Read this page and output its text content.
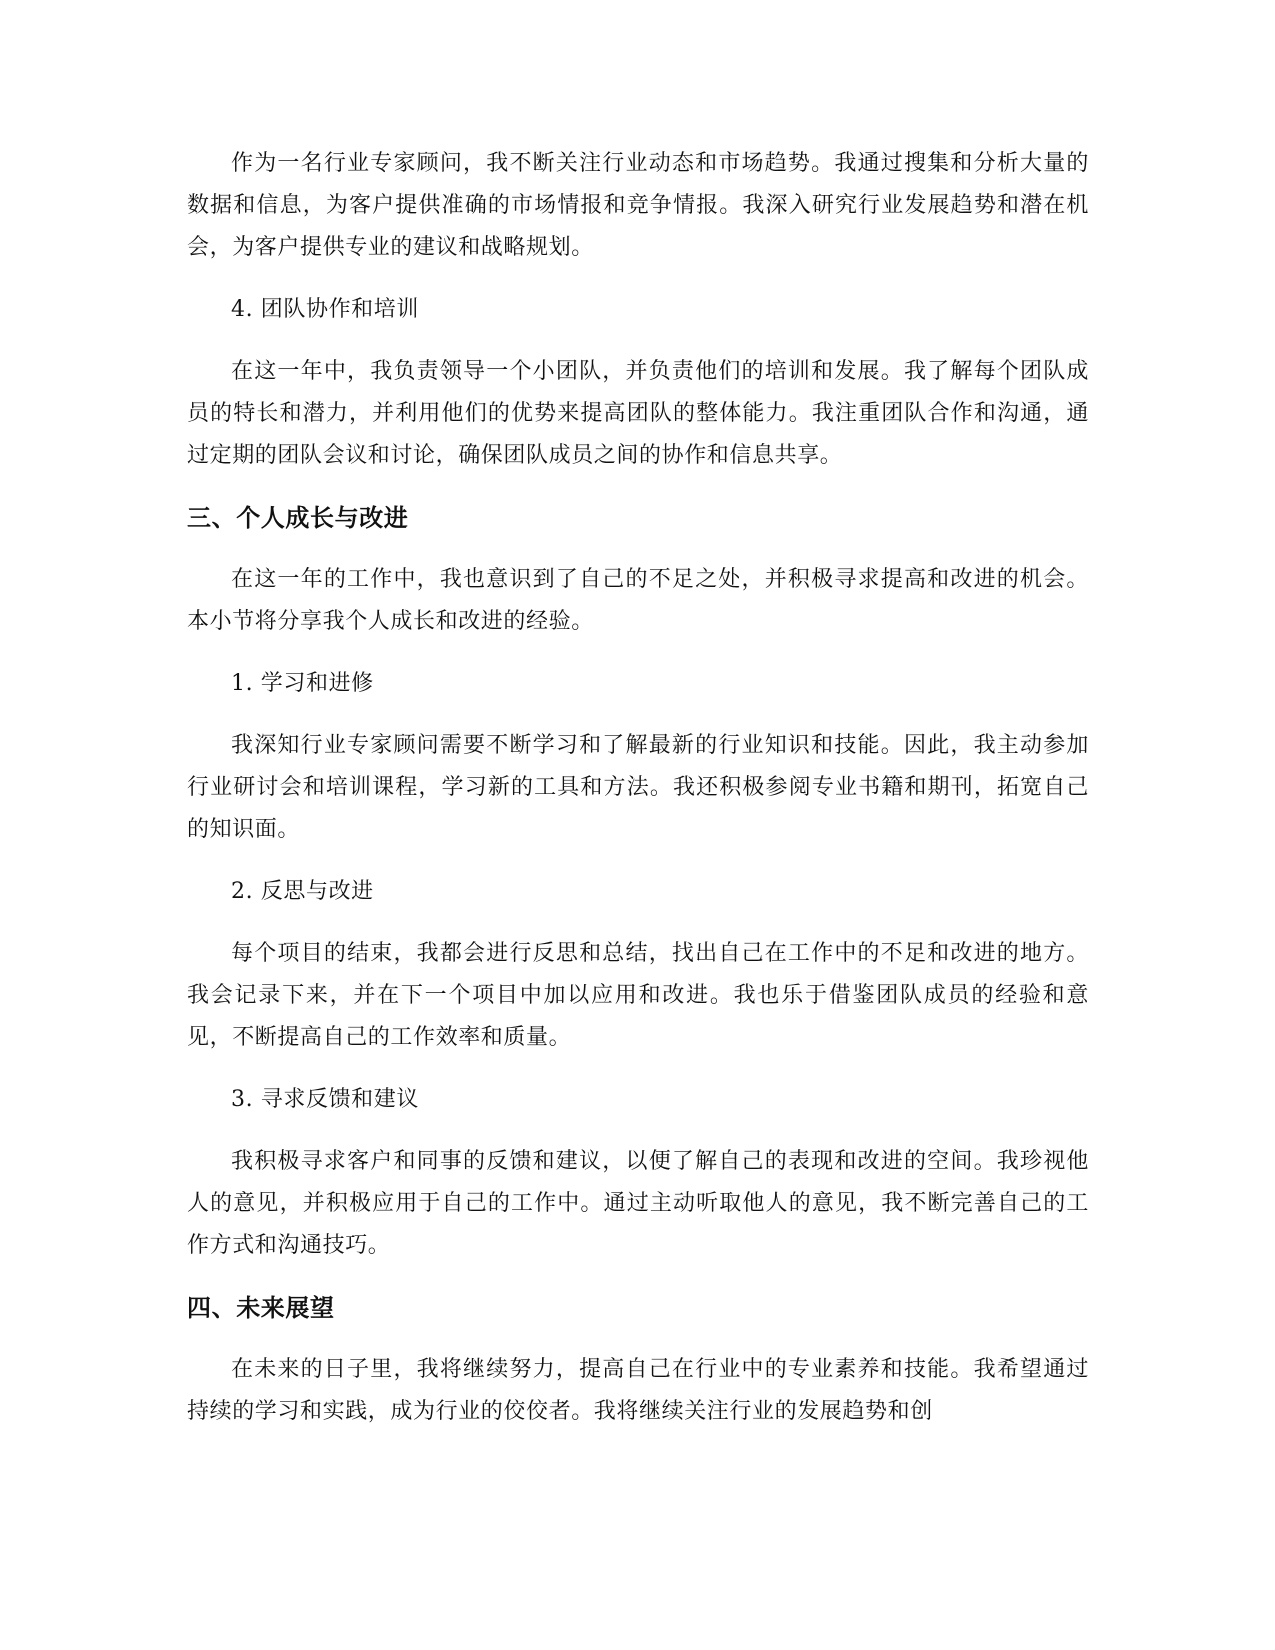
作为一名行业专家顾问，我不断关注行业动态和市场趋势。我通过搜集和分析大量的数据和信息，为客户提供准确的市场情报和竞争情报。我深入研究行业发展趋势和潜在机会，为客户提供专业的建议和战略规划。

4. 团队协作和培训

在这一年中，我负责领导一个小团队，并负责他们的培训和发展。我了解每个团队成员的特长和潜力，并利用他们的优势来提高团队的整体能力。我注重团队合作和沟通，通过定期的团队会议和讨论，确保团队成员之间的协作和信息共享。

三、个人成长与改进

在这一年的工作中，我也意识到了自己的不足之处，并积极寻求提高和改进的机会。本小节将分享我个人成长和改进的经验。

1. 学习和进修

我深知行业专家顾问需要不断学习和了解最新的行业知识和技能。因此，我主动参加行业研讨会和培训课程，学习新的工具和方法。我还积极参阅专业书籍和期刊，拓宽自己的知识面。

2. 反思与改进

每个项目的结束，我都会进行反思和总结，找出自己在工作中的不足和改进的地方。我会记录下来，并在下一个项目中加以应用和改进。我也乐于借鉴团队成员的经验和意见，不断提高自己的工作效率和质量。

3. 寻求反馈和建议

我积极寻求客户和同事的反馈和建议，以便了解自己的表现和改进的空间。我珍视他人的意见，并积极应用于自己的工作中。通过主动听取他人的意见，我不断完善自己的工作方式和沟通技巧。

四、未来展望

在未来的日子里，我将继续努力，提高自己在行业中的专业素养和技能。我希望通过持续的学习和实践，成为行业的佼佼者。我将继续关注行业的发展趋势和创
